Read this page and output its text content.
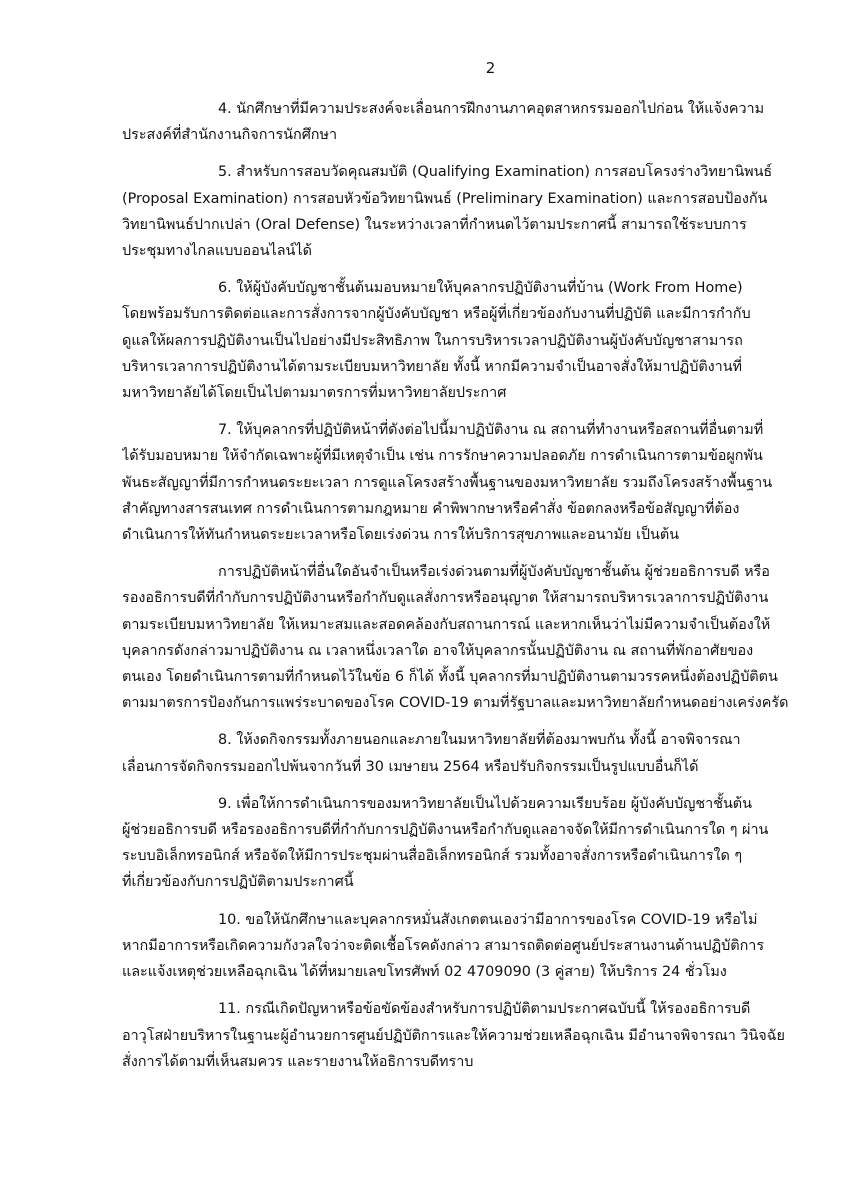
2
4. นักศึกษาที่มีความประสงค์จะเลื่อนการฝึกงานภาคอุตสาหกรรมออกไปก่อน ให้แจ้งความ
ประสงค์ที่สำนักงานกิจการนักศึกษา
5. สำหรับการสอบวัดคุณสมบัติ (Qualifying Examination) การสอบโครงร่างวิทยานิพนธ์
(Proposal Examination) การสอบหัวข้อวิทยานิพนธ์ (Preliminary Examination) และการสอบป้องกัน
วิทยานิพนธ์ปากเปล่า (Oral Defense) ในระหว่างเวลาที่กำหนดไว้ตามประกาศนี้ สามารถใช้ระบบการ
ประชุมทางไกลแบบออนไลน์ได้
6. ให้ผู้บังคับบัญชาชั้นต้นมอบหมายให้บุคลากรปฏิบัติงานที่บ้าน (Work From Home)
โดยพร้อมรับการติดต่อและการสั่งการจากผู้บังคับบัญชา หรือผู้ที่เกี่ยวข้องกับงานที่ปฏิบัติ และมีการกำกับ
ดูแลให้ผลการปฏิบัติงานเป็นไปอย่างมีประสิทธิภาพ ในการบริหารเวลาปฏิบัติงานผู้บังคับบัญชาสามารถ
บริหารเวลาการปฏิบัติงานได้ตามระเบียบมหาวิทยาลัย ทั้งนี้ หากมีความจำเป็นอาจสั่งให้มาปฏิบัติงานที่
มหาวิทยาลัยได้โดยเป็นไปตามมาตรการที่มหาวิทยาลัยประกาศ
7. ให้บุคลากรที่ปฏิบัติหน้าที่ดังต่อไปนี้มาปฏิบัติงาน ณ สถานที่ทำงานหรือสถานที่อื่นตามที่
ได้รับมอบหมาย ให้จำกัดเฉพาะผู้ที่มีเหตุจำเป็น เช่น การรักษาความปลอดภัย การดำเนินการตามข้อผูกพัน
พันธะสัญญาที่มีการกำหนดระยะเวลา การดูแลโครงสร้างพื้นฐานของมหาวิทยาลัย รวมถึงโครงสร้างพื้นฐาน
สำคัญทางสารสนเทศ การดำเนินการตามกฎหมาย คำพิพากษาหรือคำสั่ง ข้อตกลงหรือข้อสัญญาที่ต้อง
ดำเนินการให้ทันกำหนดระยะเวลาหรือโดยเร่งด่วน การให้บริการสุขภาพและอนามัย เป็นต้น
การปฏิบัติหน้าที่อื่นใดอันจำเป็นหรือเร่งด่วนตามที่ผู้บังคับบัญชาชั้นต้น ผู้ช่วยอธิการบดี หรือ
รองอธิการบดีที่กำกับการปฏิบัติงานหรือกำกับดูแลสั่งการหรืออนุญาต ให้สามารถบริหารเวลาการปฏิบัติงาน
ตามระเบียบมหาวิทยาลัย ให้เหมาะสมและสอดคล้องกับสถานการณ์ และหากเห็นว่าไม่มีความจำเป็นต้องให้
บุคลากรดังกล่าวมาปฏิบัติงาน ณ เวลาหนึ่งเวลาใด อาจให้บุคลากรนั้นปฏิบัติงาน ณ สถานที่พักอาศัยของ
ตนเอง โดยดำเนินการตามที่กำหนดไว้ในข้อ 6 ก็ได้ ทั้งนี้ บุคลากรที่มาปฏิบัติงานตามวรรคหนึ่งต้องปฏิบัติตน
ตามมาตรการป้องกันการแพร่ระบาดของโรค COVID-19 ตามที่รัฐบาลและมหาวิทยาลัยกำหนดอย่างเคร่งครัด
8. ให้งดกิจกรรมทั้งภายนอกและภายในมหาวิทยาลัยที่ต้องมาพบกัน ทั้งนี้ อาจพิจารณา
เลื่อนการจัดกิจกรรมออกไปพ้นจากวันที่ 30 เมษายน 2564 หรือปรับกิจกรรมเป็นรูปแบบอื่นก็ได้
9. เพื่อให้การดำเนินการของมหาวิทยาลัยเป็นไปด้วยความเรียบร้อย ผู้บังคับบัญชาชั้นต้น
ผู้ช่วยอธิการบดี หรือรองอธิการบดีที่กำกับการปฏิบัติงานหรือกำกับดูแลอาจจัดให้มีการดำเนินการใด ๆ ผ่าน
ระบบอิเล็กทรอนิกส์ หรือจัดให้มีการประชุมผ่านสื่ออิเล็กทรอนิกส์ รวมทั้งอาจสั่งการหรือดำเนินการใด ๆ
ที่เกี่ยวข้องกับการปฏิบัติตามประกาศนี้
10. ขอให้นักศึกษาและบุคลากรหมั่นสังเกตตนเองว่ามีอาการของโรค COVID-19 หรือไม่
หากมีอาการหรือเกิดความกังวลใจว่าจะติดเชื้อโรคดังกล่าว สามารถติดต่อศูนย์ประสานงานด้านปฏิบัติการ
และแจ้งเหตุช่วยเหลือฉุกเฉิน ได้ที่หมายเลขโทรศัพท์ 02 4709090 (3 คู่สาย) ให้บริการ 24 ชั่วโมง
11. กรณีเกิดปัญหาหรือข้อขัดข้องสำหรับการปฏิบัติตามประกาศฉบับนี้ ให้รองอธิการบดี
อาวุโสฝ่ายบริหารในฐานะผู้อำนวยการศูนย์ปฏิบัติการและให้ความช่วยเหลือฉุกเฉิน มีอำนาจพิจารณา วินิจฉัย
สั่งการได้ตามที่เห็นสมควร และรายงานให้อธิการบดีทราบ
